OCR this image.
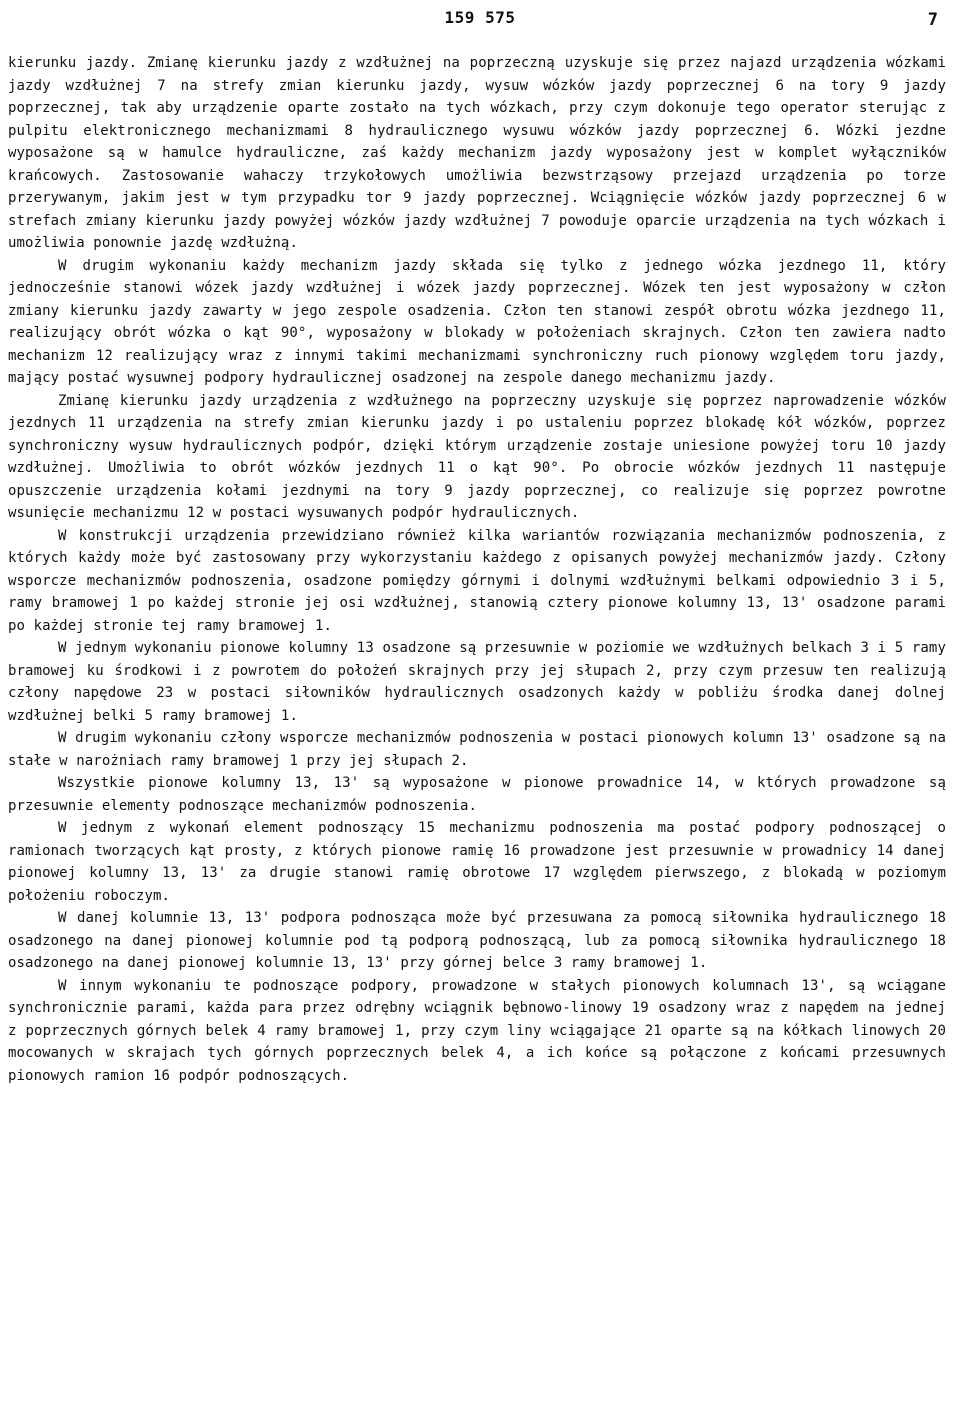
159 575	7

kierunku jazdy. Zmianę kierunku jazdy z wzdłużnej na poprzeczną uzyskuje się przez najazd urządzenia wózkami jazdy wzdłużnej 7 na strefy zmian kierunku jazdy, wysuw wózków jazdy poprzecznej 6 na tory 9 jazdy poprzecznej, tak aby urządzenie oparte zostało na tych wózkach, przy czym dokonuje tego operator sterując z pulpitu elektronicznego mechanizmami 8 hydraulicznego wysuwu wózków jazdy poprzecznej 6. Wózki jezdne wyposażone są w hamulce hydrauliczne, zaś każdy mechanizm jazdy wyposażony jest w komplet wyłączników krańcowych. Zastosowanie wahaczy trzykołowych umożliwia bezwstrząsowy przejazd urządzenia po torze przerywanym, jakim jest w tym przypadku tor 9 jazdy poprzecznej. Wciągnięcie wózków jazdy poprzecznej 6 w strefach zmiany kierunku jazdy powyżej wózków jazdy wzdłużnej 7 powoduje oparcie urządzenia na tych wózkach i umożliwia ponownie jazdę wzdłużną.

W drugim wykonaniu każdy mechanizm jazdy składa się tylko z jednego wózka jezdnego 11, który jednocześnie stanowi wózek jazdy wzdłużnej i wózek jazdy poprzecznej. Wózek ten jest wyposażony w człon zmiany kierunku jazdy zawarty w jego zespole osadzenia. Człon ten stanowi zespół obrotu wózka jezdnego 11, realizujący obrót wózka o kąt 90°, wyposażony w blokady w położeniach skrajnych. Człon ten zawiera nadto mechanizm 12 realizujący wraz z innymi takimi mechanizmami synchroniczny ruch pionowy względem toru jazdy, mający postać wysuwnej podpory hydraulicznej osadzonej na zespole danego mechanizmu jazdy.

Zmianę kierunku jazdy urządzenia z wzdłużnego na poprzeczny uzyskuje się poprzez naprowadzenie wózków jezdnych 11 urządzenia na strefy zmian kierunku jazdy i po ustaleniu poprzez blokadę kół wózków, poprzez synchroniczny wysuw hydraulicznych podpór, dzięki którym urządzenie zostaje uniesione powyżej toru 10 jazdy wzdłużnej. Umożliwia to obrót wózków jezdnych 11 o kąt 90°. Po obrocie wózków jezdnych 11 następuje opuszczenie urządzenia kołami jezdnymi na tory 9 jazdy poprzecznej, co realizuje się poprzez powrotne wsunięcie mechanizmu 12 w postaci wysuwanych podpór hydraulicznych.

W konstrukcji urządzenia przewidziano również kilka wariantów rozwiązania mechanizmów podnoszenia, z których każdy może być zastosowany przy wykorzystaniu każdego z opisanych powyżej mechanizmów jazdy. Człony wsporcze mechanizmów podnoszenia, osadzone pomiędzy górnymi i dolnymi wzdłużnymi belkami odpowiednio 3 i 5, ramy bramowej 1 po każdej stronie jej osi wzdłużnej, stanowią cztery pionowe kolumny 13, 13' osadzone parami po każdej stronie tej ramy bramowej 1.

W jednym wykonaniu pionowe kolumny 13 osadzone są przesuwnie w poziomie we wzdłużnych belkach 3 i 5 ramy bramowej ku środkowi i z powrotem do położeń skrajnych przy jej słupach 2, przy czym przesuw ten realizują człony napędowe 23 w postaci siłowników hydraulicznych osadzonych każdy w pobliżu środka danej dolnej wzdłużnej belki 5 ramy bramowej 1.

W drugim wykonaniu człony wsporcze mechanizmów podnoszenia w postaci pionowych kolumn 13' osadzone są na stałe w narożniach ramy bramowej 1 przy jej słupach 2.

Wszystkie pionowe kolumny 13, 13' są wyposażone w pionowe prowadnice 14, w których prowadzone są przesuwnie elementy podnoszące mechanizmów podnoszenia.

W jednym z wykonań element podnoszący 15 mechanizmu podnoszenia ma postać podpory podnoszącej o ramionach tworzących kąt prosty, z których pionowe ramię 16 prowadzone jest przesuwnie w prowadnicy 14 danej pionowej kolumny 13, 13' za drugie stanowi ramię obrotowe 17 względem pierwszego, z blokadą w poziomym położeniu roboczym.

W danej kolumnie 13, 13' podpora podnosząca może być przesuwana za pomocą siłownika hydraulicznego 18 osadzonego na danej pionowej kolumnie pod tą podporą podnoszącą, lub za pomocą siłownika hydraulicznego 18 osadzonego na danej pionowej kolumnie 13, 13' przy górnej belce 3 ramy bramowej 1.

W innym wykonaniu te podnoszące podpory, prowadzone w stałych pionowych kolumnach 13', są wciągane synchronicznie parami, każda para przez odrębny wciągnik bębnowo-linowy 19 osadzony wraz z napędem na jednej z poprzecznych górnych belek 4 ramy bramowej 1, przy czym liny wciągające 21 oparte są na kółkach linowych 20 mocowanych w skrajach tych górnych poprzecznych belek 4, a ich końce są połączone z końcami przesuwnych pionowych ramion 16 podpór podnoszących.
